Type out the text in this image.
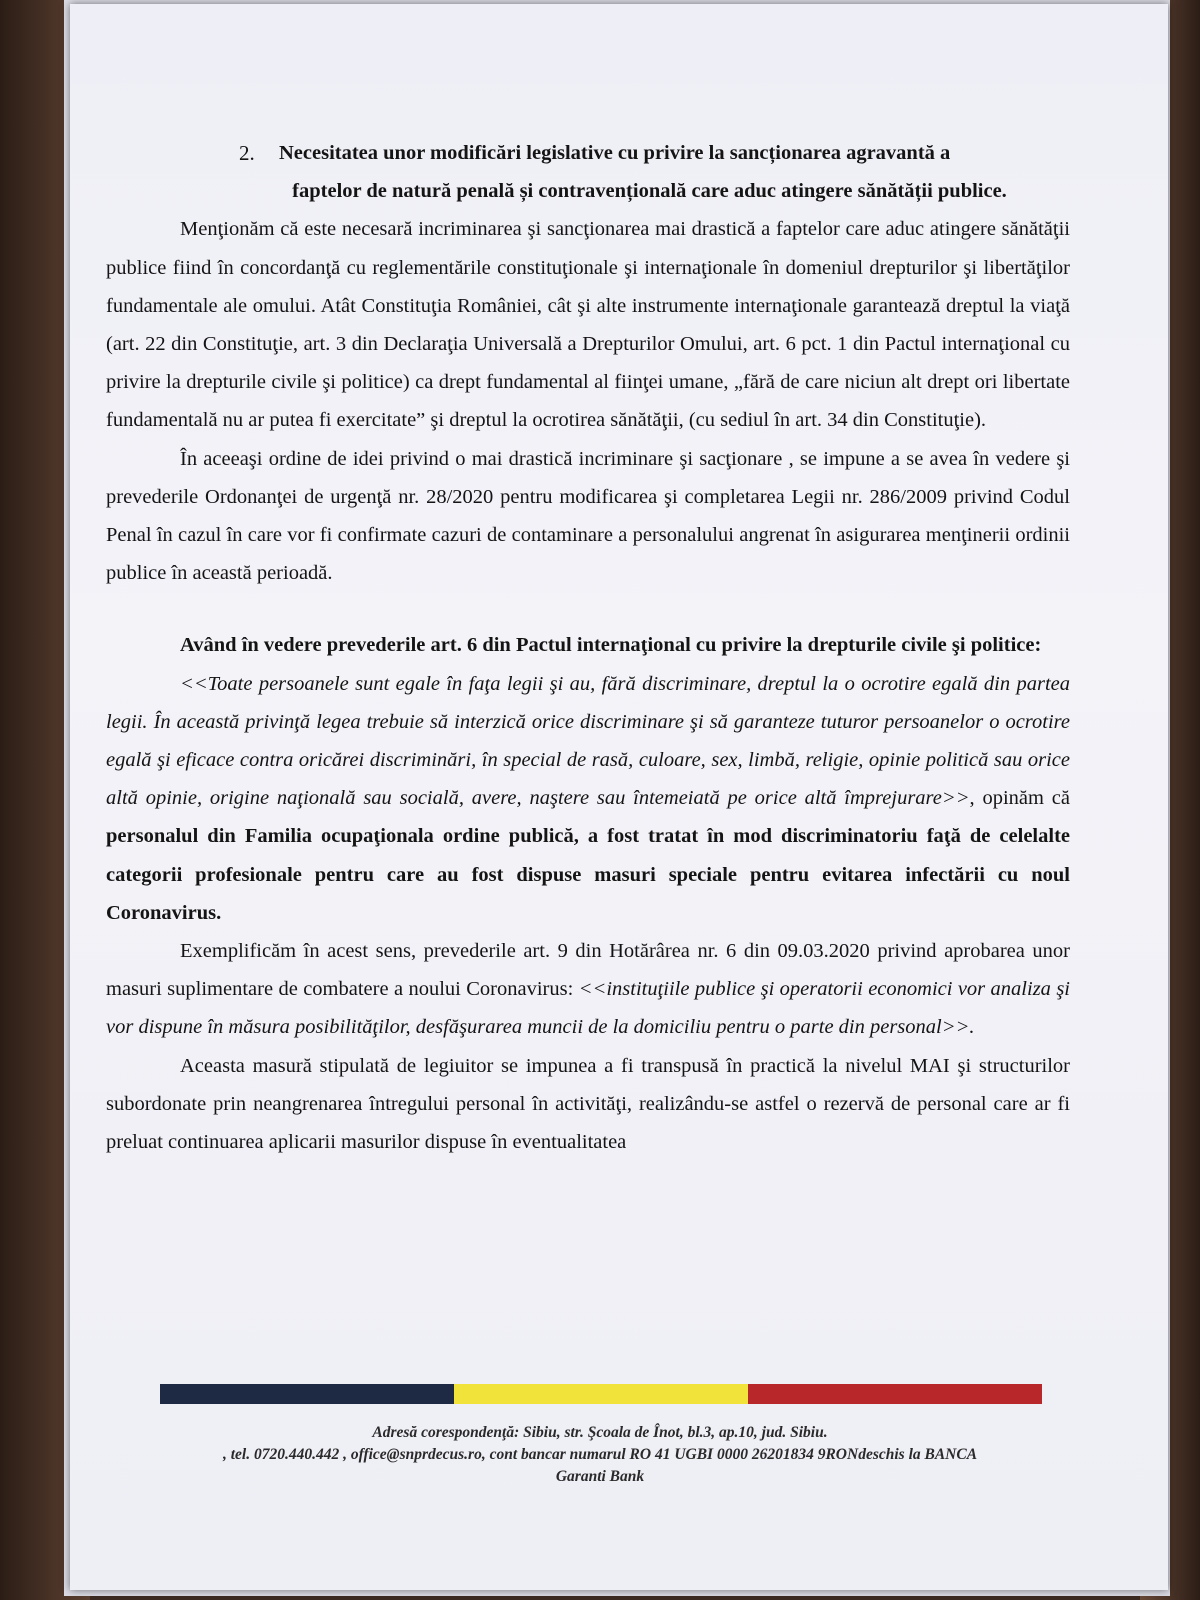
2.	Necesitatea unor modificări legislative cu privire la sancționarea agravantă a
faptelor de natură penală și contravențională care aduc atingere sănătății publice.

Menţionăm că este necesară incriminarea şi sancţionarea mai drastică a faptelor care aduc atingere sănătăţii publice fiind în concordanţă cu reglementările constituţionale şi internaţionale în domeniul drepturilor şi libertăţilor fundamentale ale omului. Atât Constituţia României, cât şi alte instrumente internaţionale garantează dreptul la viaţă (art. 22 din Constituţie, art. 3 din Declaraţia Universală a Drepturilor Omului, art. 6 pct. 1 din Pactul internaţional cu privire la drepturile civile şi politice) ca drept fundamental al fiinţei umane, „fără de care niciun alt drept ori libertate fundamentală nu ar putea fi exercitate” şi dreptul la ocrotirea sănătăţii, (cu sediul în art. 34 din Constituţie).

În aceeaşi ordine de idei privind o mai drastică incriminare şi sacţionare , se impune a se avea în vedere şi prevederile Ordonanţei de urgenţă nr. 28/2020 pentru modificarea şi completarea Legii nr. 286/2009 privind Codul Penal în cazul în care vor fi confirmate cazuri de contaminare a personalului angrenat în asigurarea menţinerii ordinii publice în această perioadă.

Având în vedere prevederile art. 6 din Pactul internaţional cu privire la drepturile civile şi politice:

<<Toate persoanele sunt egale în faţa legii şi au, fără discriminare, dreptul la o ocrotire egală din partea legii. În această privinţă legea trebuie să interzică orice discriminare şi să garanteze tuturor persoanelor o ocrotire egală şi eficace contra oricărei discriminări, în special de rasă, culoare, sex, limbă, religie, opinie politică sau orice altă opinie, origine naţională sau socială, avere, naştere sau întemeiată pe orice altă împrejurare>>, opinăm că personalul din Familia ocupaţionala ordine publică, a fost tratat în mod discriminatoriu faţă de celelalte categorii profesionale pentru care au fost dispuse masuri speciale pentru evitarea infectării cu noul Coronavirus.

Exemplificăm în acest sens, prevederile art. 9 din Hotărârea nr. 6 din 09.03.2020 privind aprobarea unor masuri suplimentare de combatere a noului Coronavirus: <<instituţiile publice şi operatorii economici vor analiza şi vor dispune în măsura posibilităţilor, desfăşurarea muncii de la domiciliu pentru o parte din personal>>.

Aceasta masură stipulată de legiuitor se impunea a fi transpusă în practică la nivelul MAI şi structurilor subordonate prin neangrenarea întregului personal în activităţi, realizându-se astfel o rezervă de personal care ar fi preluat continuarea aplicarii masurilor dispuse în eventualitatea

Adresă corespondenţă: Sibiu, str. Şcoala de Înot, bl.3, ap.10, jud. Sibiu.
, tel. 0720.440.442 , office@snprdecus.ro, cont bancar numarul RO 41 UGBI 0000 26201834 9RONdeschis la BANCA
Garanti Bank
